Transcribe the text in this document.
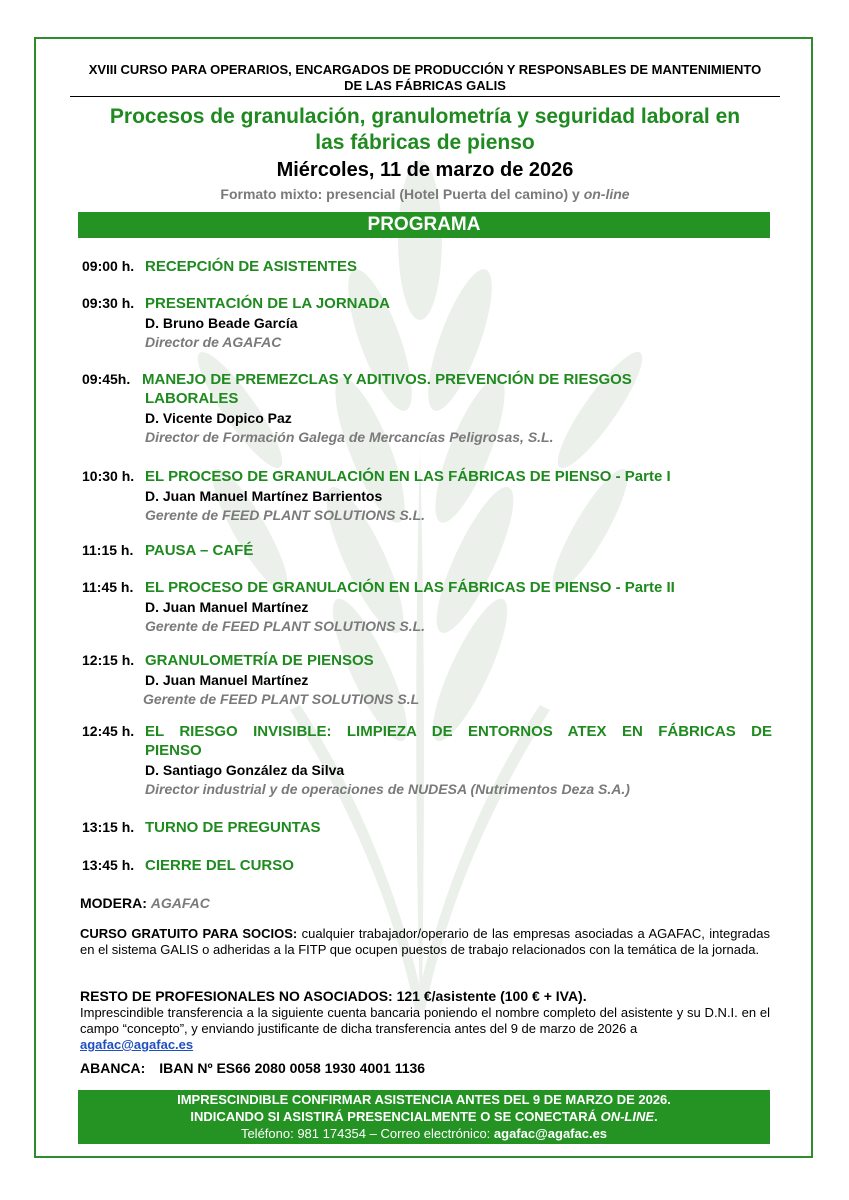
XVIII CURSO PARA OPERARIOS, ENCARGADOS DE PRODUCCIÓN Y RESPONSABLES DE MANTENIMIENTO
DE LAS FÁBRICAS GALIS
Procesos de granulación, granulometría y seguridad laboral en
las fábricas de pienso
Miércoles, 11 de marzo de 2026
Formato mixto: presencial (Hotel Puerta del camino) y on-line
PROGRAMA
09:00 h. RECEPCIÓN DE ASISTENTES
09:30 h. PRESENTACIÓN DE LA JORNADA
D. Bruno Beade García
Director de AGAFAC
09:45h. MANEJO DE PREMEZCLAS Y ADITIVOS. PREVENCIÓN DE RIESGOS
LABORALES
D. Vicente Dopico Paz
Director de Formación Galega de Mercancías Peligrosas, S.L.
10:30 h. EL PROCESO DE GRANULACIÓN EN LAS FÁBRICAS DE PIENSO - Parte I
D. Juan Manuel Martínez Barrientos
Gerente de FEED PLANT SOLUTIONS S.L.
11:15 h. PAUSA – CAFÉ
11:45 h. EL PROCESO DE GRANULACIÓN EN LAS FÁBRICAS DE PIENSO - Parte II
D. Juan Manuel Martínez
Gerente de FEED PLANT SOLUTIONS S.L.
12:15 h. GRANULOMETRÍA DE PIENSOS
D. Juan Manuel Martínez
Gerente de FEED PLANT SOLUTIONS S.L
12:45 h. EL RIESGO INVISIBLE: LIMPIEZA DE ENTORNOS ATEX EN FÁBRICAS DE
PIENSO
D. Santiago González da Silva
Director industrial y de operaciones de NUDESA (Nutrimentos Deza S.A.)
13:15 h. TURNO DE PREGUNTAS
13:45 h. CIERRE DEL CURSO
MODERA: AGAFAC
CURSO GRATUITO PARA SOCIOS: cualquier trabajador/operario de las empresas asociadas a AGAFAC, integradas en el sistema GALIS o adheridas a la FITP que ocupen puestos de trabajo relacionados con la temática de la jornada.
RESTO DE PROFESIONALES NO ASOCIADOS: 121 €/asistente (100 € + IVA).
Imprescindible transferencia a la siguiente cuenta bancaria poniendo el nombre completo del asistente y su D.N.I. en el campo “concepto”, y enviando justificante de dicha transferencia antes del 9 de marzo de 2026 a
agafac@agafac.es
ABANCA: IBAN Nº ES66 2080 0058 1930 4001 1136
IMPRESCINDIBLE CONFIRMAR ASISTENCIA ANTES DEL 9 DE MARZO DE 2026.
INDICANDO SI ASISTIRÁ PRESENCIALMENTE O SE CONECTARÁ ON-LINE.
Teléfono: 981 174354 – Correo electrónico: agafac@agafac.es
